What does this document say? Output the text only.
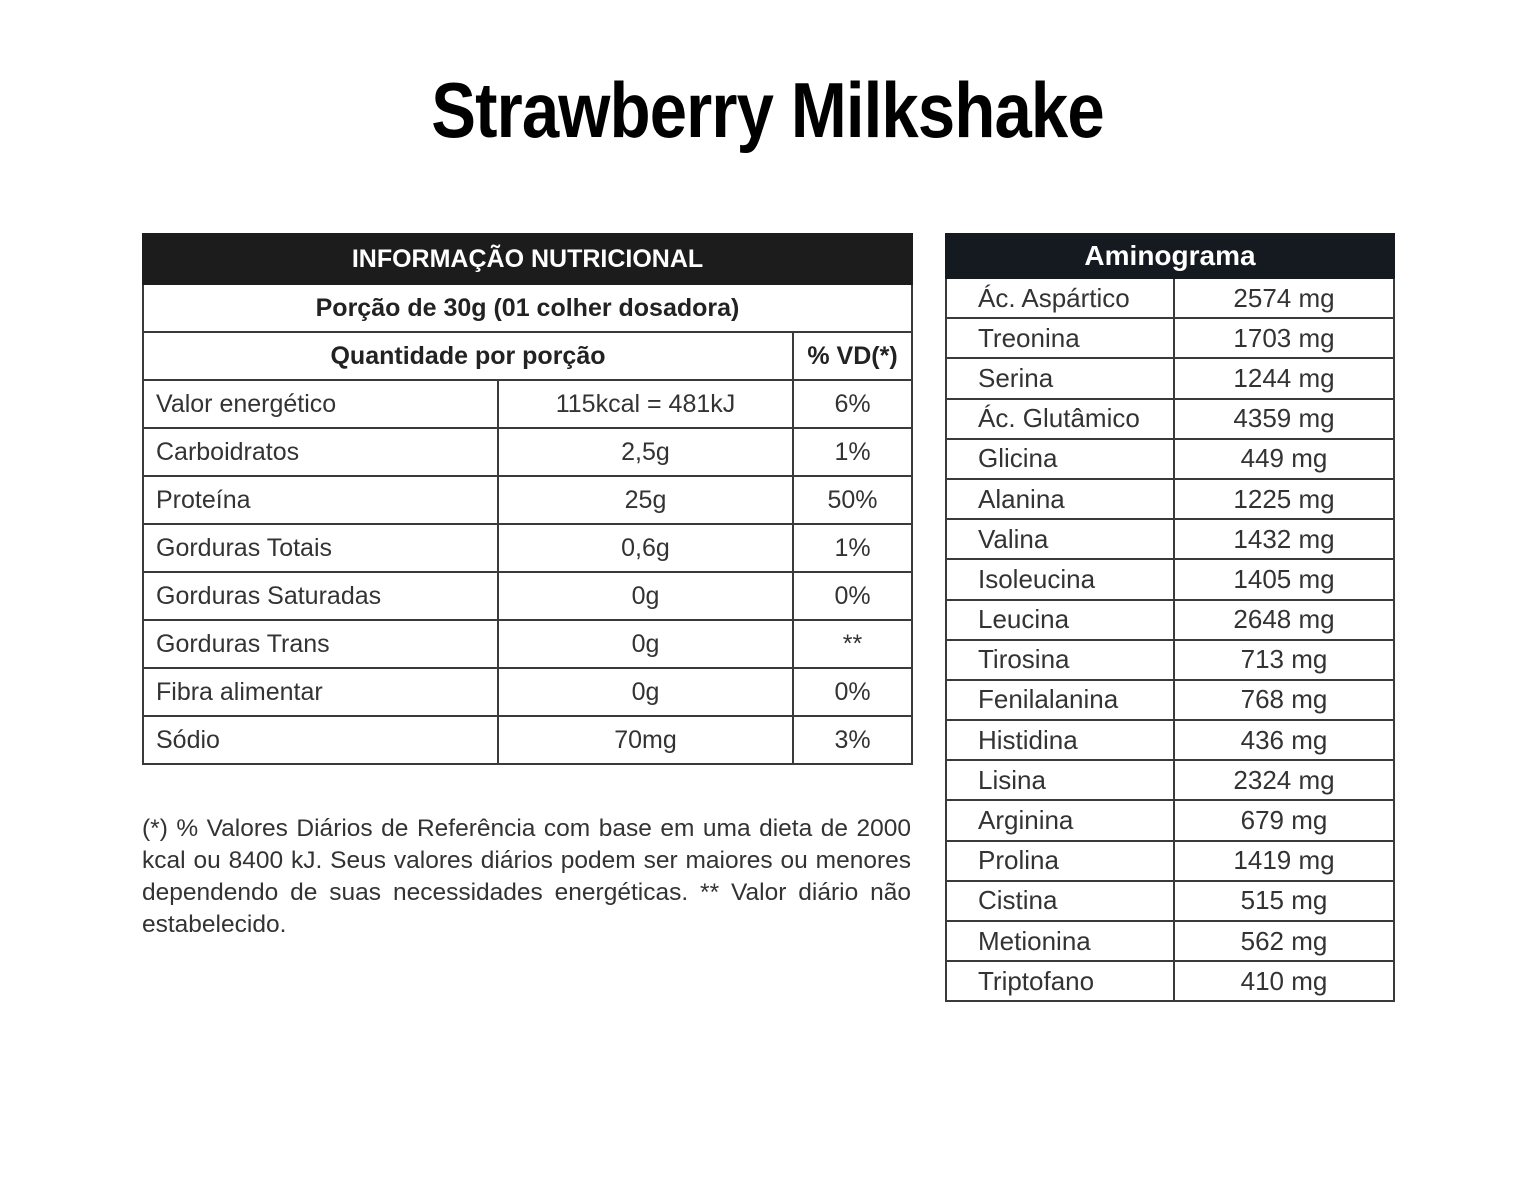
Strawberry Milkshake
INFORMAÇÃO NUTRICIONAL		
Porção de 30g (01 colher dosadora)		
Quantidade por porção		% VD(*)
Valor energético	115kcal = 481kJ	6%
Carboidratos	2,5g	1%
Proteína	25g	50%
Gorduras Totais	0,6g	1%
Gorduras Saturadas	0g	0%
Gorduras Trans	0g	**
Fibra alimentar	0g	0%
Sódio	70mg	3%
(*) % Valores Diários de Referência com base em uma dieta de 2000 kcal ou 8400 kJ. Seus valores diários podem ser maiores ou menores dependendo de suas necessidades energéticas. ** Valor diário não estabelecido.
Aminograma	
Ác. Aspártico	2574 mg
Treonina	1703 mg
Serina	1244 mg
Ác. Glutâmico	4359 mg
Glicina	449 mg
Alanina	1225 mg
Valina	1432 mg
Isoleucina	1405 mg
Leucina	2648 mg
Tirosina	713 mg
Fenilalanina	768 mg
Histidina	436 mg
Lisina	2324 mg
Arginina	679 mg
Prolina	1419 mg
Cistina	515 mg
Metionina	562 mg
Triptofano	410 mg
